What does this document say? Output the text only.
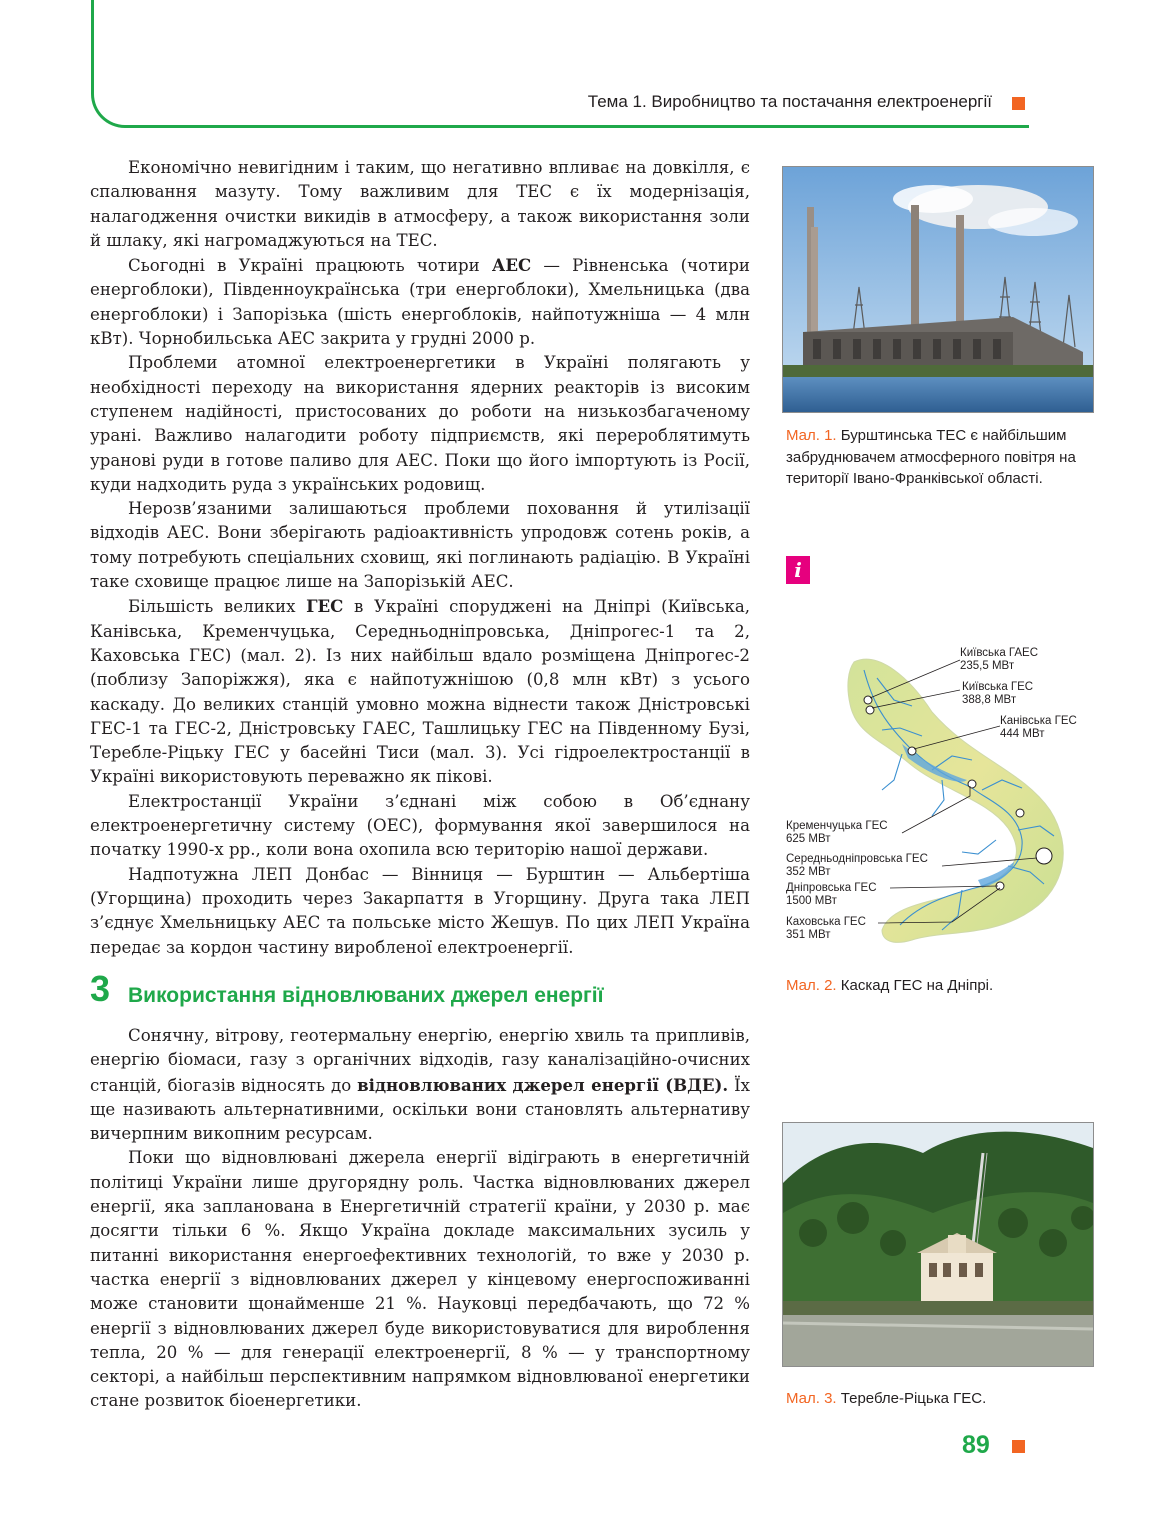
Тема 1. Виробництво та постачання електроенергії

Економічно невигідним і таким, що негативно впливає на довкілля, є спалювання мазуту. Тому важливим для ТЕС є їх модернізація, налагодження очистки викидів в атмосферу, а також використання золи й шлаку, які нагромаджуються на ТЕС.

Сьогодні в Україні працюють чотири АЕС — Рівненська (чотири енергоблоки), Південноукраїнська (три енергоблоки), Хмельницька (два енергоблоки) і Запорізька (шість енергоблоків, найпотужніша — 4 млн кВт). Чорнобильська АЕС закрита у грудні 2000 р.

Проблеми атомної електроенергетики в Україні полягають у необхідності переходу на використання ядерних реакторів із високим ступенем надійності, пристосованих до роботи на низькозбагаченому урані. Важливо налагодити роботу підприємств, які перероблятимуть уранові руди в готове паливо для АЕС. Поки що його імпортують із Росії, куди надходить руда з українських родовищ.

Нерозв’язаними залишаються проблеми поховання й утилізації відходів АЕС. Вони зберігають радіоактивність упродовж сотень років, а тому потребують спеціальних сховищ, які поглинають радіацію. В Україні таке сховище працює лише на Запорізькій АЕС.

Більшість великих ГЕС в Україні споруджені на Дніпрі (Київська, Канівська, Кременчуцька, Середньодніпровська, Дніпрогес-1 та 2, Каховська ГЕС) (мал. 2). Із них найбільш вдало розміщена Дніпрогес-2 (поблизу Запоріжжя), яка є найпотужнішою (0,8 млн кВт) з усього каскаду. До великих станцій умовно можна віднести також Дністровські ГЕС-1 та ГЕС-2, Дністровську ГАЕС, Ташлицьку ГЕС на Південному Бузі, Теребле-Ріцьку ГЕС у басейні Тиси (мал. 3). Усі гідроелектростанції в Україні використовують переважно як пікові.

Електростанції України з’єднані між собою в Об’єднану електроенергетичну систему (ОЕС), формування якої завершилося на початку 1990-х рр., коли вона охопила всю територію нашої держави.

Надпотужна ЛЕП Донбас — Вінниця — Бурштин — Альбертіша (Угорщина) проходить через Закарпаття в Угорщину. Друга така ЛЕП з’єднує Хмельницьку АЕС та польське місто Жешув. По цих ЛЕП Україна передає за кордон частину виробленої електроенергії.

3 Використання відновлюваних джерел енергії

Сонячну, вітрову, геотермальну енергію, енергію хвиль та припливів, енергію біомаси, газу з органічних відходів, газу каналізаційно-очисних станцій, біогазів відносять до відновлюваних джерел енергії (ВДЕ). Їх ще називають альтернативними, оскільки вони становлять альтернативу вичерпним викопним ресурсам.

Поки що відновлювані джерела енергії відіграють в енергетичній політиці України лише другорядну роль. Частка відновлюваних джерел енергії, яка запланована в Енергетичній стратегії країни, у 2030 р. має досягти тільки 6 %. Якщо Україна докладе максимальних зусиль у питанні використання енергоефективних технологій, то вже у 2030 р. частка енергії з відновлюваних джерел у кінцевому енергоспоживанні може становити щонайменше 21 %. Науковці передбачають, що 72 % енергії з відновлюваних джерел буде використовуватися для вироблення тепла, 20 % — для генерації електроенергії, 8 % — у транспортному секторі, а найбільш перспективним напрямком відновлюваної енергетики стане розвиток біоенергетики.

Мал. 1. Бурштинська ТЕС є найбільшим забруднювачем атмосферного повітря на території Івано-Франківської області.
i
Київська ГАЕС
235,5 МВт
Київська ГЕС
388,8 МВт
Канівська ГЕС
444 МВт
Кременчуцька ГЕС
625 МВт
Середньодніпровська ГЕС
352 МВт
Дніпровська ГЕС
1500 МВт
Каховська ГЕС
351 МВт
Мал. 2. Каскад ГЕС на Дніпрі.
Мал. 3. Теребле-Ріцька ГЕС.
89
